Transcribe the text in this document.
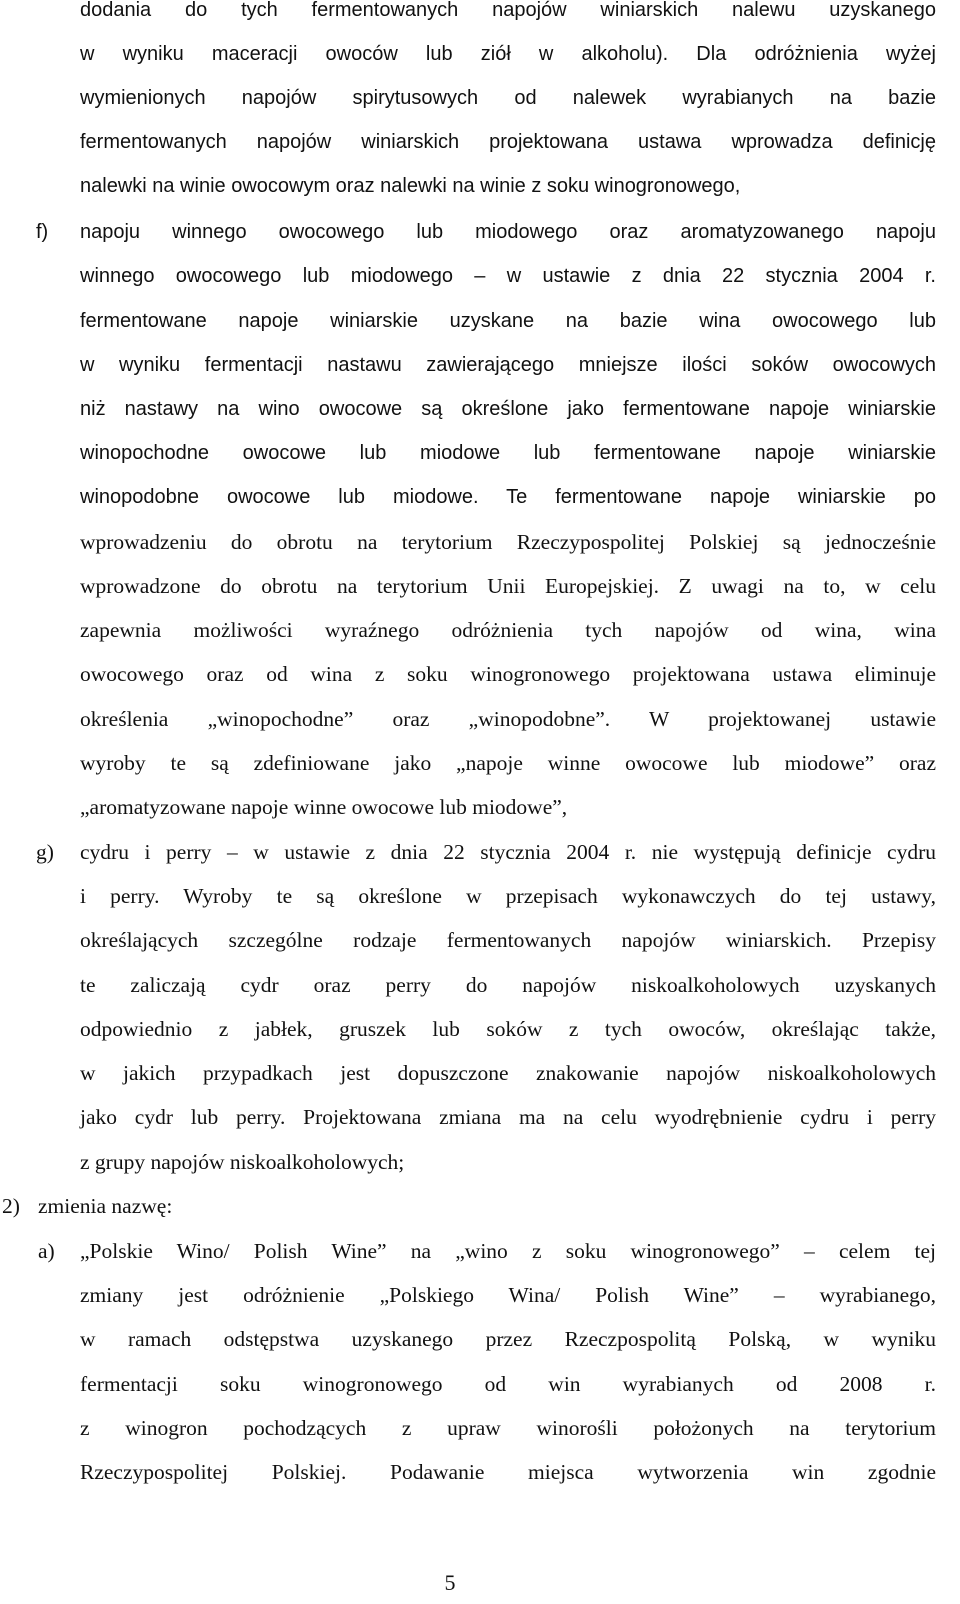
dodania do tych fermentowanych napojów winiarskich nalewu uzyskanego
w wyniku maceracji owoców lub ziół w alkoholu). Dla odróżnienia wyżej
wymienionych napojów spirytusowych od nalewek wyrabianych na bazie
fermentowanych napojów winiarskich projektowana ustawa wprowadza definicję
nalewki na winie owocowym oraz nalewki na winie z soku winogronowego,
f) napoju winnego owocowego lub miodowego oraz aromatyzowanego napoju
winnego owocowego lub miodowego – w ustawie z dnia 22 stycznia 2004 r.
fermentowane napoje winiarskie uzyskane na bazie wina owocowego lub
w wyniku fermentacji nastawu zawierającego mniejsze ilości soków owocowych
niż nastawy na wino owocowe są określone jako fermentowane napoje winiarskie
winopochodne owocowe lub miodowe lub fermentowane napoje winiarskie
winopodobne owocowe lub miodowe. Te fermentowane napoje winiarskie po
wprowadzeniu do obrotu na terytorium Rzeczypospolitej Polskiej są jednocześnie
wprowadzone do obrotu na terytorium Unii Europejskiej. Z uwagi na to, w celu
zapewnia możliwości wyraźnego odróżnienia tych napojów od wina, wina
owocowego oraz od wina z soku winogronowego projektowana ustawa eliminuje
określenia „winopochodne” oraz „winopodobne”. W projektowanej ustawie
wyroby te są zdefiniowane jako „napoje winne owocowe lub miodowe” oraz
„aromatyzowane napoje winne owocowe lub miodowe”,
g) cydru i perry – w ustawie z dnia 22 stycznia 2004 r. nie występują definicje cydru
i perry. Wyroby te są określone w przepisach wykonawczych do tej ustawy,
określających szczególne rodzaje fermentowanych napojów winiarskich. Przepisy
te zaliczają cydr oraz perry do napojów niskoalkoholowych uzyskanych
odpowiednio z jabłek, gruszek lub soków z tych owoców, określając także,
w jakich przypadkach jest dopuszczone znakowanie napojów niskoalkoholowych
jako cydr lub perry. Projektowana zmiana ma na celu wyodrębnienie cydru i perry
z grupy napojów niskoalkoholowych;
2) zmienia nazwę:
a) „Polskie Wino/ Polish Wine” na „wino z soku winogronowego” – celem tej
zmiany jest odróżnienie „Polskiego Wina/ Polish Wine” – wyrabianego,
w ramach odstępstwa uzyskanego przez Rzeczpospolitą Polską, w wyniku
fermentacji soku winogronowego od win wyrabianych od 2008 r.
z winogron pochodzących z upraw winorośli położonych na terytorium
Rzeczypospolitej Polskiej. Podawanie miejsca wytworzenia win zgodnie
5
